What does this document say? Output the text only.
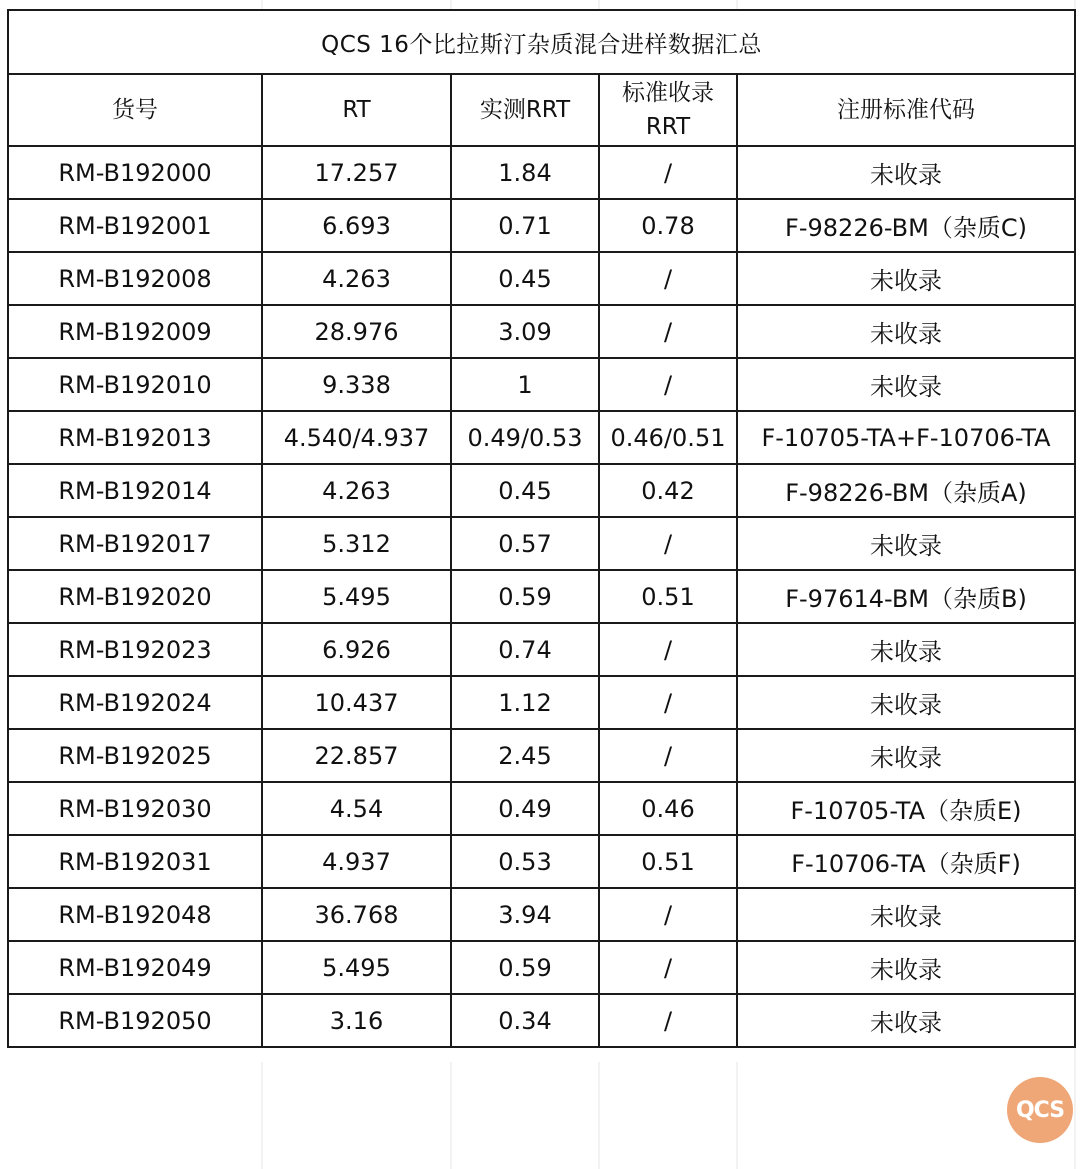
QCS 16个比拉斯汀杂质混合进样数据汇总				
货号	RT	实测RRT	标准收录RRT	注册标准代码
RM-B192000	17.257	1.84	/	未收录
RM-B192001	6.693	0.71	0.78	F-98226-BM（杂质C)
RM-B192008	4.263	0.45	/	未收录
RM-B192009	28.976	3.09	/	未收录
RM-B192010	9.338	1	/	未收录
RM-B192013	4.540/4.937	0.49/0.53	0.46/0.51	F-10705-TA+F-10706-TA
RM-B192014	4.263	0.45	0.42	F-98226-BM（杂质A)
RM-B192017	5.312	0.57	/	未收录
RM-B192020	5.495	0.59	0.51	F-97614-BM（杂质B)
RM-B192023	6.926	0.74	/	未收录
RM-B192024	10.437	1.12	/	未收录
RM-B192025	22.857	2.45	/	未收录
RM-B192030	4.54	0.49	0.46	F-10705-TA（杂质E)
RM-B192031	4.937	0.53	0.51	F-10706-TA（杂质F)
RM-B192048	36.768	3.94	/	未收录
RM-B192049	5.495	0.59	/	未收录
RM-B192050	3.16	0.34	/	未收录
QCS
